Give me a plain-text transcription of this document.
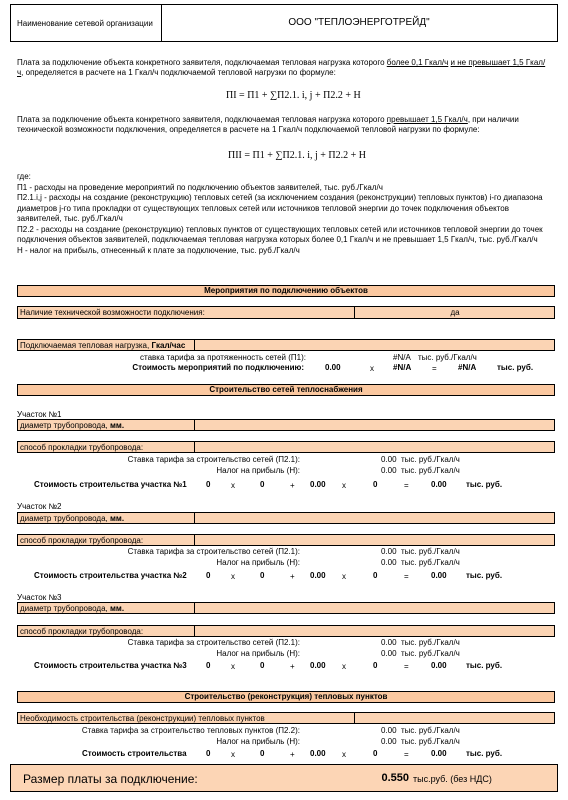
Наименование сетевой организации	ООО "ТЕПЛОЭНЕРГОТРЕЙД"
Плата за подключение объекта конкретного заявителя, подключаемая тепловая нагрузка которого более 0,1 Гкал/ч и не превышает 1,5 Гкал/ч, определяется в расчете на 1 Гкал/ч подключаемой тепловой нагрузки по формуле:
ПI = П1 + ∑П2.1. i, j + П2.2 + Н
Плата за подключение объекта конкретного заявителя, подключаемая тепловая нагрузка которого превышает 1,5 Гкал/ч, при наличии технической возможности подключения, определяется в расчете на 1 Гкал/ч подключаемой тепловой нагрузки по формуле:
ПII = П1 + ∑П2.1. i, j + П2.2 + Н
где:
П1 - расходы на проведение мероприятий по подключению объектов заявителей, тыс. руб./Гкал/ч
П2.1.i,j - расходы на создание (реконструкцию) тепловых сетей (за исключением создания (реконструкции) тепловых пунктов) i-го диапазона диаметров j-го типа прокладки от существующих тепловых сетей или источников тепловой энергии до точек подключения объектов заявителей, тыс. руб./Гкал/ч
П2.2 - расходы на создание (реконструкцию) тепловых пунктов от существующих тепловых сетей или источников тепловой энергии до точек подключения объектов заявителей, подключаемая тепловая нагрузка которых более 0,1 Гкал/ч и не превышает 1,5 Гкал/ч, тыс. руб./Гкал/ч
Н - налог на прибыль, отнесенный к плате за подключение, тыс. руб./Гкал/ч
Мероприятия по подключению объектов
Наличие технической возможности подключения:	да
Подключаемая тепловая нагрузка, Гкал/час
ставка тарифа за протяженность сетей (П1):	#N/A тыс. руб./Гкал/ч
Стоимость мероприятий по подключению:	0.00	x #N/A	=	#N/A	тыс. руб.
Строительство сетей теплоснабжения
Участок №1
диаметр трубопровода, мм.
способ прокладки трубопровода:
Ставка тарифа за строительство сетей (П2.1):	0.00 тыс. руб./Гкал/ч
Налог на прибыль (Н):	0.00 тыс. руб./Гкал/ч
Стоимость строительства участка №1 0	x	0	+ 0.00 x	0	=	0.00 тыс. руб.
Участок №2
диаметр трубопровода, мм.
способ прокладки трубопровода:
Ставка тарифа за строительство сетей (П2.1):	0.00 тыс. руб./Гкал/ч
Налог на прибыль (Н):	0.00 тыс. руб./Гкал/ч
Стоимость строительства участка №2 0	x	0	+ 0.00 x	0	=	0.00 тыс. руб.
Участок №3
диаметр трубопровода, мм.
способ прокладки трубопровода:
Ставка тарифа за строительство сетей (П2.1):	0.00 тыс. руб./Гкал/ч
Налог на прибыль (Н):	0.00 тыс. руб./Гкал/ч
Стоимость строительства участка №3 0	x	0	+ 0.00 x	0	=	0.00 тыс. руб.
Строительство (реконструкция) тепловых пунктов
Необходимость строительства (реконструкции) тепловых пунктов
Ставка тарифа за строительство тепловых пунктов (П2.2):	0.00 тыс. руб./Гкал/ч
Налог на прибыль (Н):	0.00 тыс. руб./Гкал/ч
Стоимость строительства 0	x	0	+ 0.00 x	0	=	0.00 тыс. руб.
Размер платы за подключение:	0.550 тыс.руб. (без НДС)
